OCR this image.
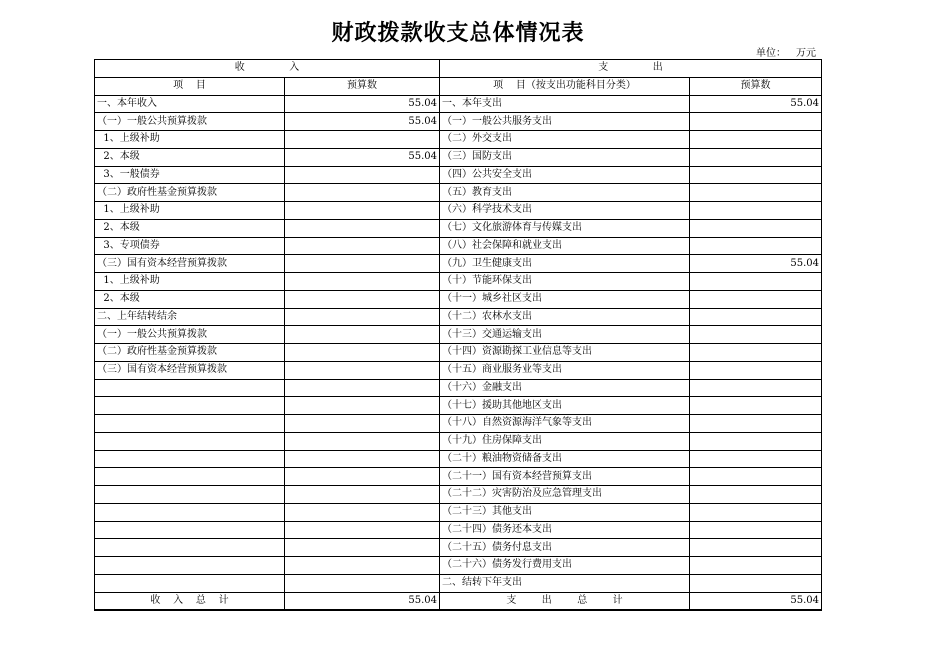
财政拨款收支总体情况表
单位： 万元
收              入		支              出	
项    目	预算数	项    目（按支出功能科目分类）	预算数
一、本年收入	55.04	一、本年支出	55.04
（一）一般公共预算拨款	55.04	（一）一般公共服务支出	
1、上级补助		（二）外交支出	
2、本级	55.04	（三）国防支出	
3、一般债券		（四）公共安全支出	
（二）政府性基金预算拨款		（五）教育支出	
1、上级补助		（六）科学技术支出	
2、本级		（七）文化旅游体育与传媒支出	
3、专项债券		（八）社会保障和就业支出	
（三）国有资本经营预算拨款		（九）卫生健康支出	55.04
1、上级补助		（十）节能环保支出	
2、本级		（十一）城乡社区支出	
二、上年结转结余		（十二）农林水支出	
（一）一般公共预算拨款		（十三）交通运输支出	
（二）政府性基金预算拨款		（十四）资源勘探工业信息等支出	
（三）国有资本经营预算拨款		（十五）商业服务业等支出	
		（十六）金融支出	
		（十七）援助其他地区支出	
		（十八）自然资源海洋气象等支出	
		（十九）住房保障支出	
		（二十）粮油物资储备支出	
		（二十一）国有资本经营预算支出	
		（二十二）灾害防治及应急管理支出	
		（二十三）其他支出	
		（二十四）债务还本支出	
		（二十五）债务付息支出	
		（二十六）债务发行费用支出	
		二、结转下年支出	
收    入    总    计	55.04	支        出        总        计	55.04
